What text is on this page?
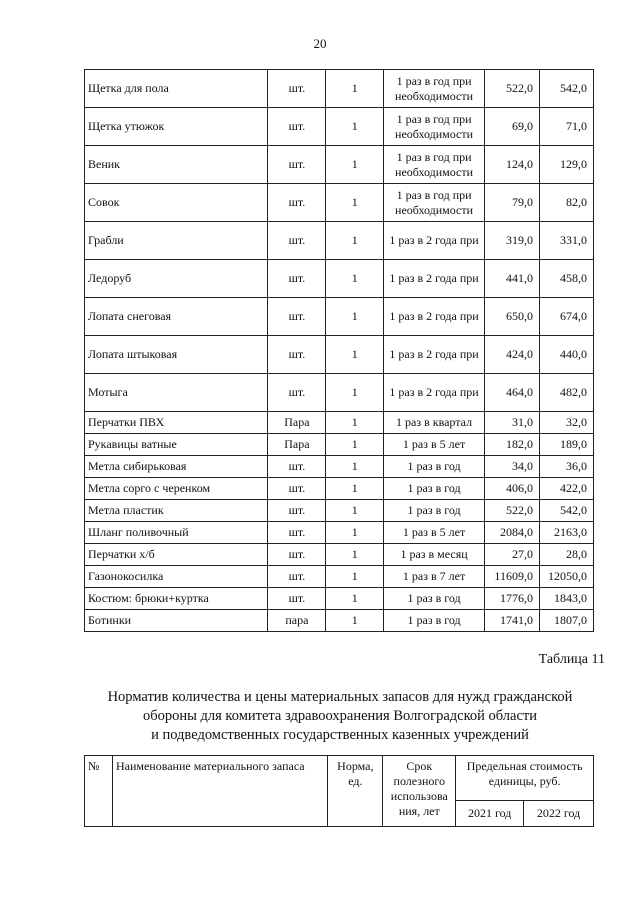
20
Щетка для пола	шт.	1	1 раз в год при необходимости	522,0	542,0
Щетка утюжок	шт.	1	1 раз в год при необходимости	69,0	71,0
Веник	шт.	1	1 раз в год при необходимости	124,0	129,0
Совок	шт.	1	1 раз в год при необходимости	79,0	82,0
Грабли	шт.	1	1 раз в 2 года при	319,0	331,0
Ледоруб	шт.	1	1 раз в 2 года при	441,0	458,0
Лопата снеговая	шт.	1	1 раз в 2 года при	650,0	674,0
Лопата штыковая	шт.	1	1 раз в 2 года при	424,0	440,0
Мотыга	шт.	1	1 раз в 2 года при	464,0	482,0
Перчатки ПВХ	Пара	1	1 раз в квартал	31,0	32,0
Рукавицы ватные	Пара	1	1 раз в 5 лет	182,0	189,0
Метла сибирьковая	шт.	1	1 раз в год	34,0	36,0
Метла сорго с черенком	шт.	1	1 раз в год	406,0	422,0
Метла пластик	шт.	1	1 раз в год	522,0	542,0
Шланг поливочный	шт.	1	1 раз в 5 лет	2084,0	2163,0
Перчатки х/б	шт.	1	1 раз в месяц	27,0	28,0
Газонокосилка	шт.	1	1 раз в 7 лет	11609,0	12050,0
Костюм: брюки+куртка	шт.	1	1 раз в год	1776,0	1843,0
Ботинки	пара	1	1 раз в год	1741,0	1807,0
Таблица 11
Норматив количества и цены материальных запасов для нужд гражданской
обороны для комитета здравоохранения Волгоградской области
и подведомственных государственных казенных учреждений
№	Наименование материального запаса	Норма, ед.	Срок полезного использова ния, лет	Предельная стоимость единицы, руб.	
				2021 год	2022 год
